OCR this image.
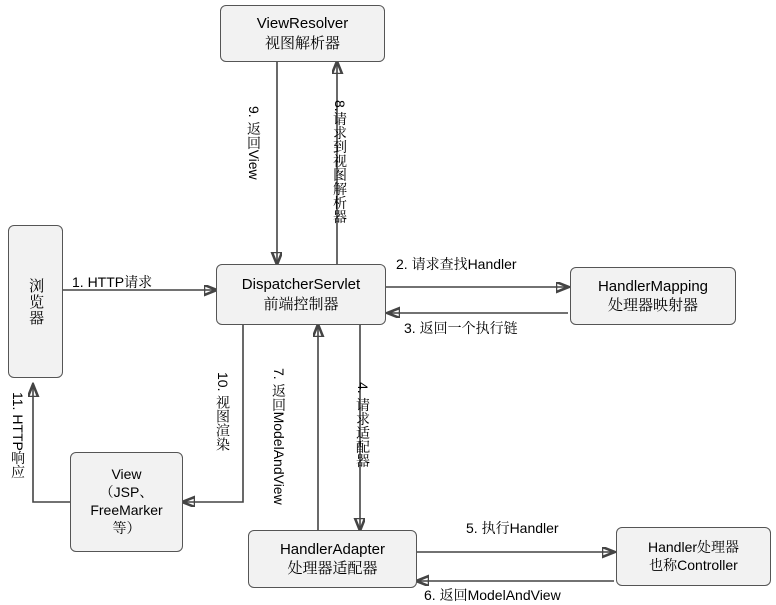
ViewResolver
视图解析器
浏览器	DispatcherServlet
前端控制器
HandlerMapping
处理器映射器
View
（JSP、
FreeMarker
等）
HandlerAdapter
处理器适配器
Handler处理器
也称Controller
1. HTTP请求
2. 请求查找Handler
3. 返回一个执行链
4. 请求适配器
5. 执行Handler
6. 返回ModelAndView
7. 返回ModelAndView
8.请求到视图解析器
9. 返回View
10. 视图渲染
11. HTTP响应
